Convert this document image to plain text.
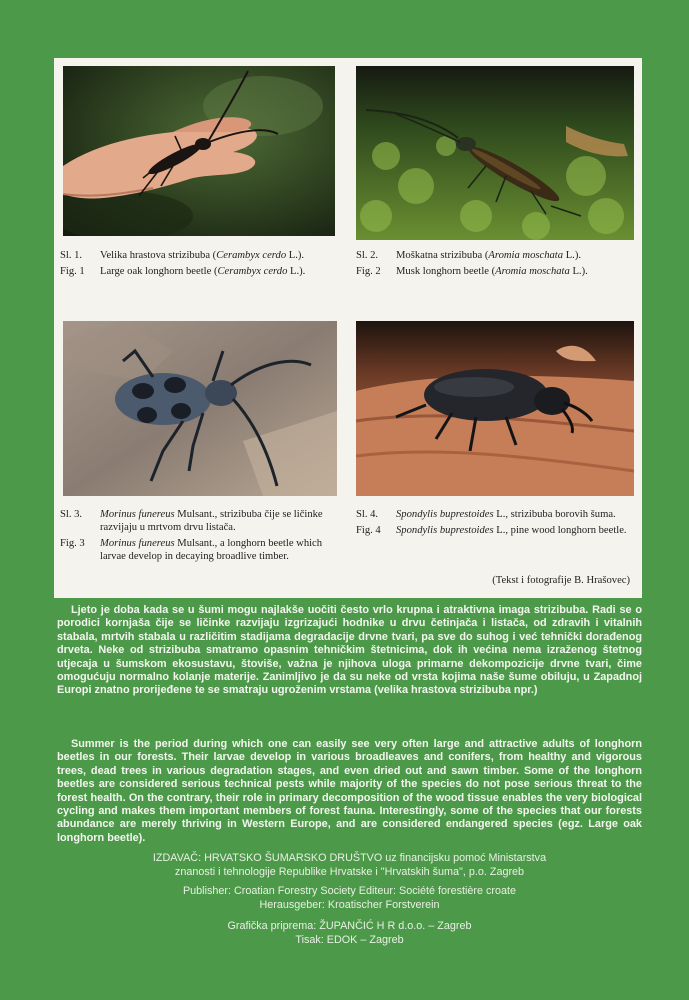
Sl. 1.	Velika hrastova strizibuba (Cerambyx cerdo L.).
Fig. 1	Large oak longhorn beetle (Cerambyx cerdo L.).
Sl. 2.	Moškatna strizibuba (Aromia moschata L.).
Fig. 2	Musk longhorn beetle (Aromia moschata L.).
Sl. 3.	Morinus funereus Mulsant., strizibuba čije se ličinke razvijaju u mrtvom drvu listača.
Fig. 3	Morinus funereus Mulsant., a longhorn beetle which larvae develop in decaying broadlive timber.
Sl. 4.	Spondylis buprestoides L., strizibuba borovih šuma.
Fig. 4	Spondylis buprestoides L., pine wood longhorn beetle.
(Tekst i fotografije B. Hrašovec)

Ljeto je doba kada se u šumi mogu najlakše uočiti često vrlo krupna i atraktivna imaga strizibuba. Radi se o porodici kornjaša čije se ličinke razvijaju izgrizajući hodnike u drvu četinjača i listača, od zdravih i vitalnih stabala, mrtvih stabala u različitim stadijama degradacije drvne tvari, pa sve do suhog i već tehnički dorađenog drveta. Neke od strizibuba smatramo opasnim tehničkim štetnicima, dok ih većina nema izraženog štetnog utjecaja u šumskom ekosustavu, štoviše, važna je njihova uloga primarne dekompozicije drvne tvari, čime omogućuju normalno kolanje materije. Zanimljivo je da su neke od vrsta kojima naše šume obiluju, u Zapadnoj Europi znatno prorijeđene te se smatraju ugroženim vrstama (velika hrastova strizibuba npr.)

Summer is the period during which one can easily see very often large and attractive adults of longhorn beetles in our forests. Their larvae develop in various broadleaves and conifers, from healthy and vigorous trees, dead trees in various degradation stages, and even dried out and sawn timber. Some of the longhorn beetles are considered serious technical pests while majority of the species do not pose serious threat to the forest health. On the contrary, their role in primary decomposition of the wood tissue enables the very biological cycling and makes them important members of forest fauna. Interestingly, some of the species that our forests abundance are merely thriving in Western Europe, and are considered endangered species (egz. Large oak longhorn beetle).

IZDAVAČ: HRVATSKO ŠUMARSKO DRUŠTVO uz financijsku pomoć Ministarstva
znanosti i tehnologije Republike Hrvatske i "Hrvatskih šuma", p.o. Zagreb
Publisher: Croatian Forestry Society Editeur: Société forestière croate
Herausgeber: Kroatischer Forstverein
Grafička priprema: ŽUPANČIĆ H R d.o.o. – Zagreb
Tisak: EDOK – Zagreb
